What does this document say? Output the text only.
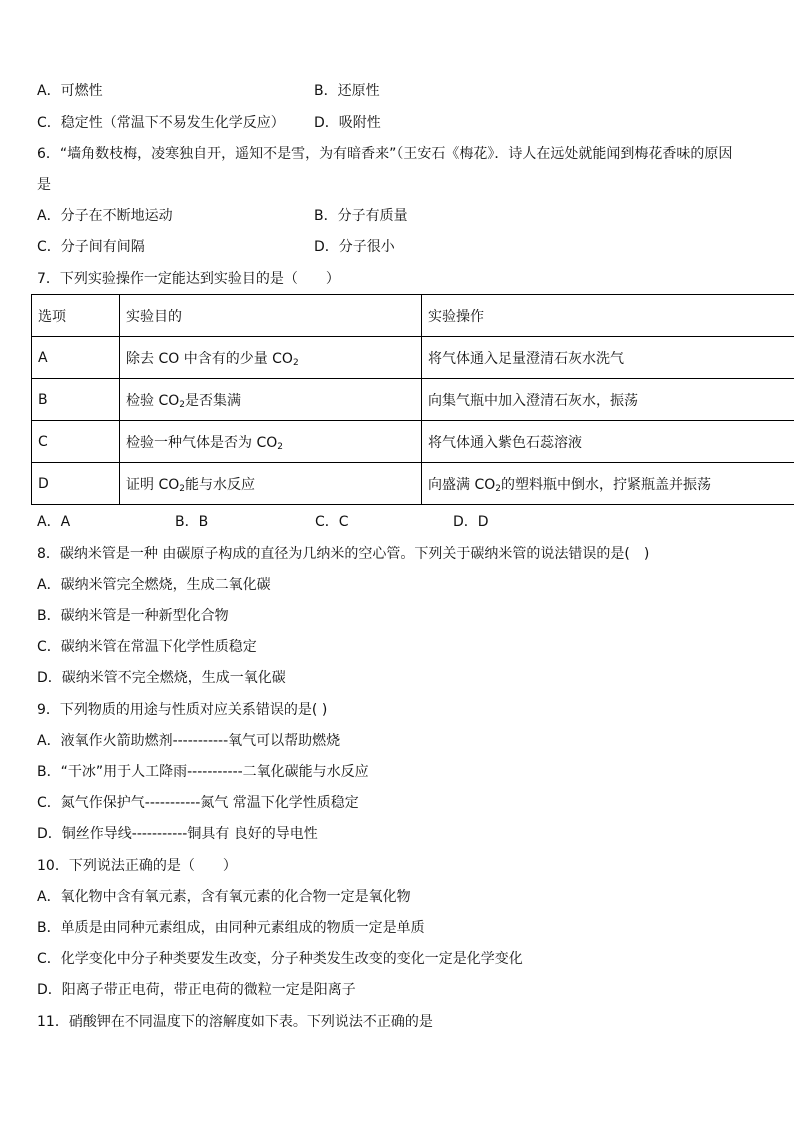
A．可燃性	B．还原性
C．稳定性（常温下不易发生化学反应） D．吸附性
6．“墙角数枝梅，凌寒独自开，遥知不是雪，为有暗香来”（王安石《梅花》．诗人在远处就能闻到梅花香味的原因
是
A．分子在不断地运动	B．分子有质量
C．分子间有间隔	D．分子很小
7．下列实验操作一定能达到实验目的是（　　）
选项	实验目的	实验操作
A	除去 CO 中含有的少量 $CO_2$	将气体通入足量澄清石灰水洗气
B	检验 $CO_2$是否集满	向集气瓶中加入澄清石灰水，振荡
C	检验一种气体是否为 $CO_2$	将气体通入紫色石蕊溶液
D	证明 $CO_2$能与水反应	向盛满 $CO_2$的塑料瓶中倒水，拧紧瓶盖并振荡
A．A	B．B	C．C	D．D
8．碳纳米管是一种 由碳原子构成的直径为几纳米的空心管。下列关于碳纳米管的说法错误的是(　)
A．碳纳米管完全燃烧，生成二氧化碳
B．碳纳米管是一种新型化合物
C．碳纳米管在常温下化学性质稳定
D．碳纳米管不完全燃烧，生成一氧化碳
9．下列物质的用途与性质对应关系错误的是( )
A．液氧作火箭助燃剂-----------氧气可以帮助燃烧
B．“干冰”用于人工降雨-----------二氧化碳能与水反应
C．氮气作保护气-----------氮气 常温下化学性质稳定
D．铜丝作导线-----------铜具有 良好的导电性
10．下列说法正确的是（　　）
A．氧化物中含有氧元素，含有氧元素的化合物一定是氧化物
B．单质是由同种元素组成，由同种元素组成的物质一定是单质
C．化学变化中分子种类要发生改变，分子种类发生改变的变化一定是化学变化
D．阳离子带正电荷，带正电荷的微粒一定是阳离子
11．硝酸钾在不同温度下的溶解度如下表。下列说法不正确的是
